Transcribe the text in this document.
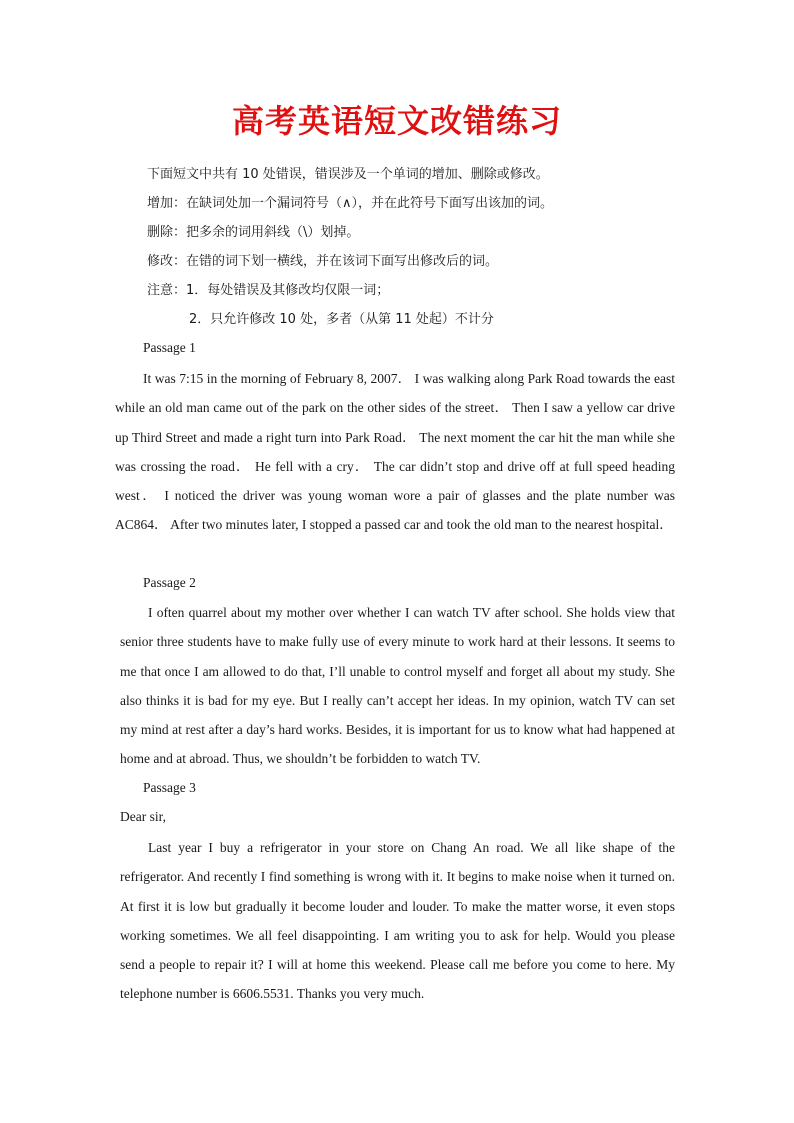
高考英语短文改错练习
下面短文中共有 10 处错误，错误涉及一个单词的增加、删除或修改。
增加：在缺词处加一个漏词符号（∧），并在此符号下面写出该加的词。
删除：把多余的词用斜线（\）划掉。
修改：在错的词下划一横线，并在该词下面写出修改后的词。
注意：1．每处错误及其修改均仅限一词；
2．只允许修改 10 处，多者（从第 11 处起）不计分
Passage 1
It was 7:15 in the morning of February 8, 2007． I was walking along Park Road towards the east while an old man came out of the park on the other sides of the street． Then I saw a yellow car drive up Third Street and made a right turn into Park Road． The next moment the car hit the man while she was crossing the road． He fell with a cry． The car didn’t stop and drive off at full speed heading west． I noticed the driver was young woman wore a pair of glasses and the plate number was AC864． After two minutes later, I stopped a passed car and took the old man to the nearest hospital．
Passage 2
I often quarrel about my mother over whether I can watch TV after school. She holds view that senior three students have to make fully use of every minute to work hard at their lessons. It seems to me that once I am allowed to do that, I’ll unable to control myself and forget all about my study. She also thinks it is bad for my eye. But I really can’t accept her ideas. In my opinion, watch TV can set my mind at rest after a day’s hard works. Besides, it is important for us to know what had happened at home and at abroad. Thus, we shouldn’t be forbidden to watch TV.
Passage 3
Dear sir,
Last year I buy a refrigerator in your store on Chang An road. We all like shape of the refrigerator. And recently I find something is wrong with it. It begins to make noise when it turned on. At first it is low but gradually it become louder and louder. To make the matter worse, it even stops working sometimes. We all feel disappointing. I am writing you to ask for help. Would you please send a people to repair it? I will at home this weekend. Please call me before you come to here. My telephone number is 6606.5531. Thanks you very much.
